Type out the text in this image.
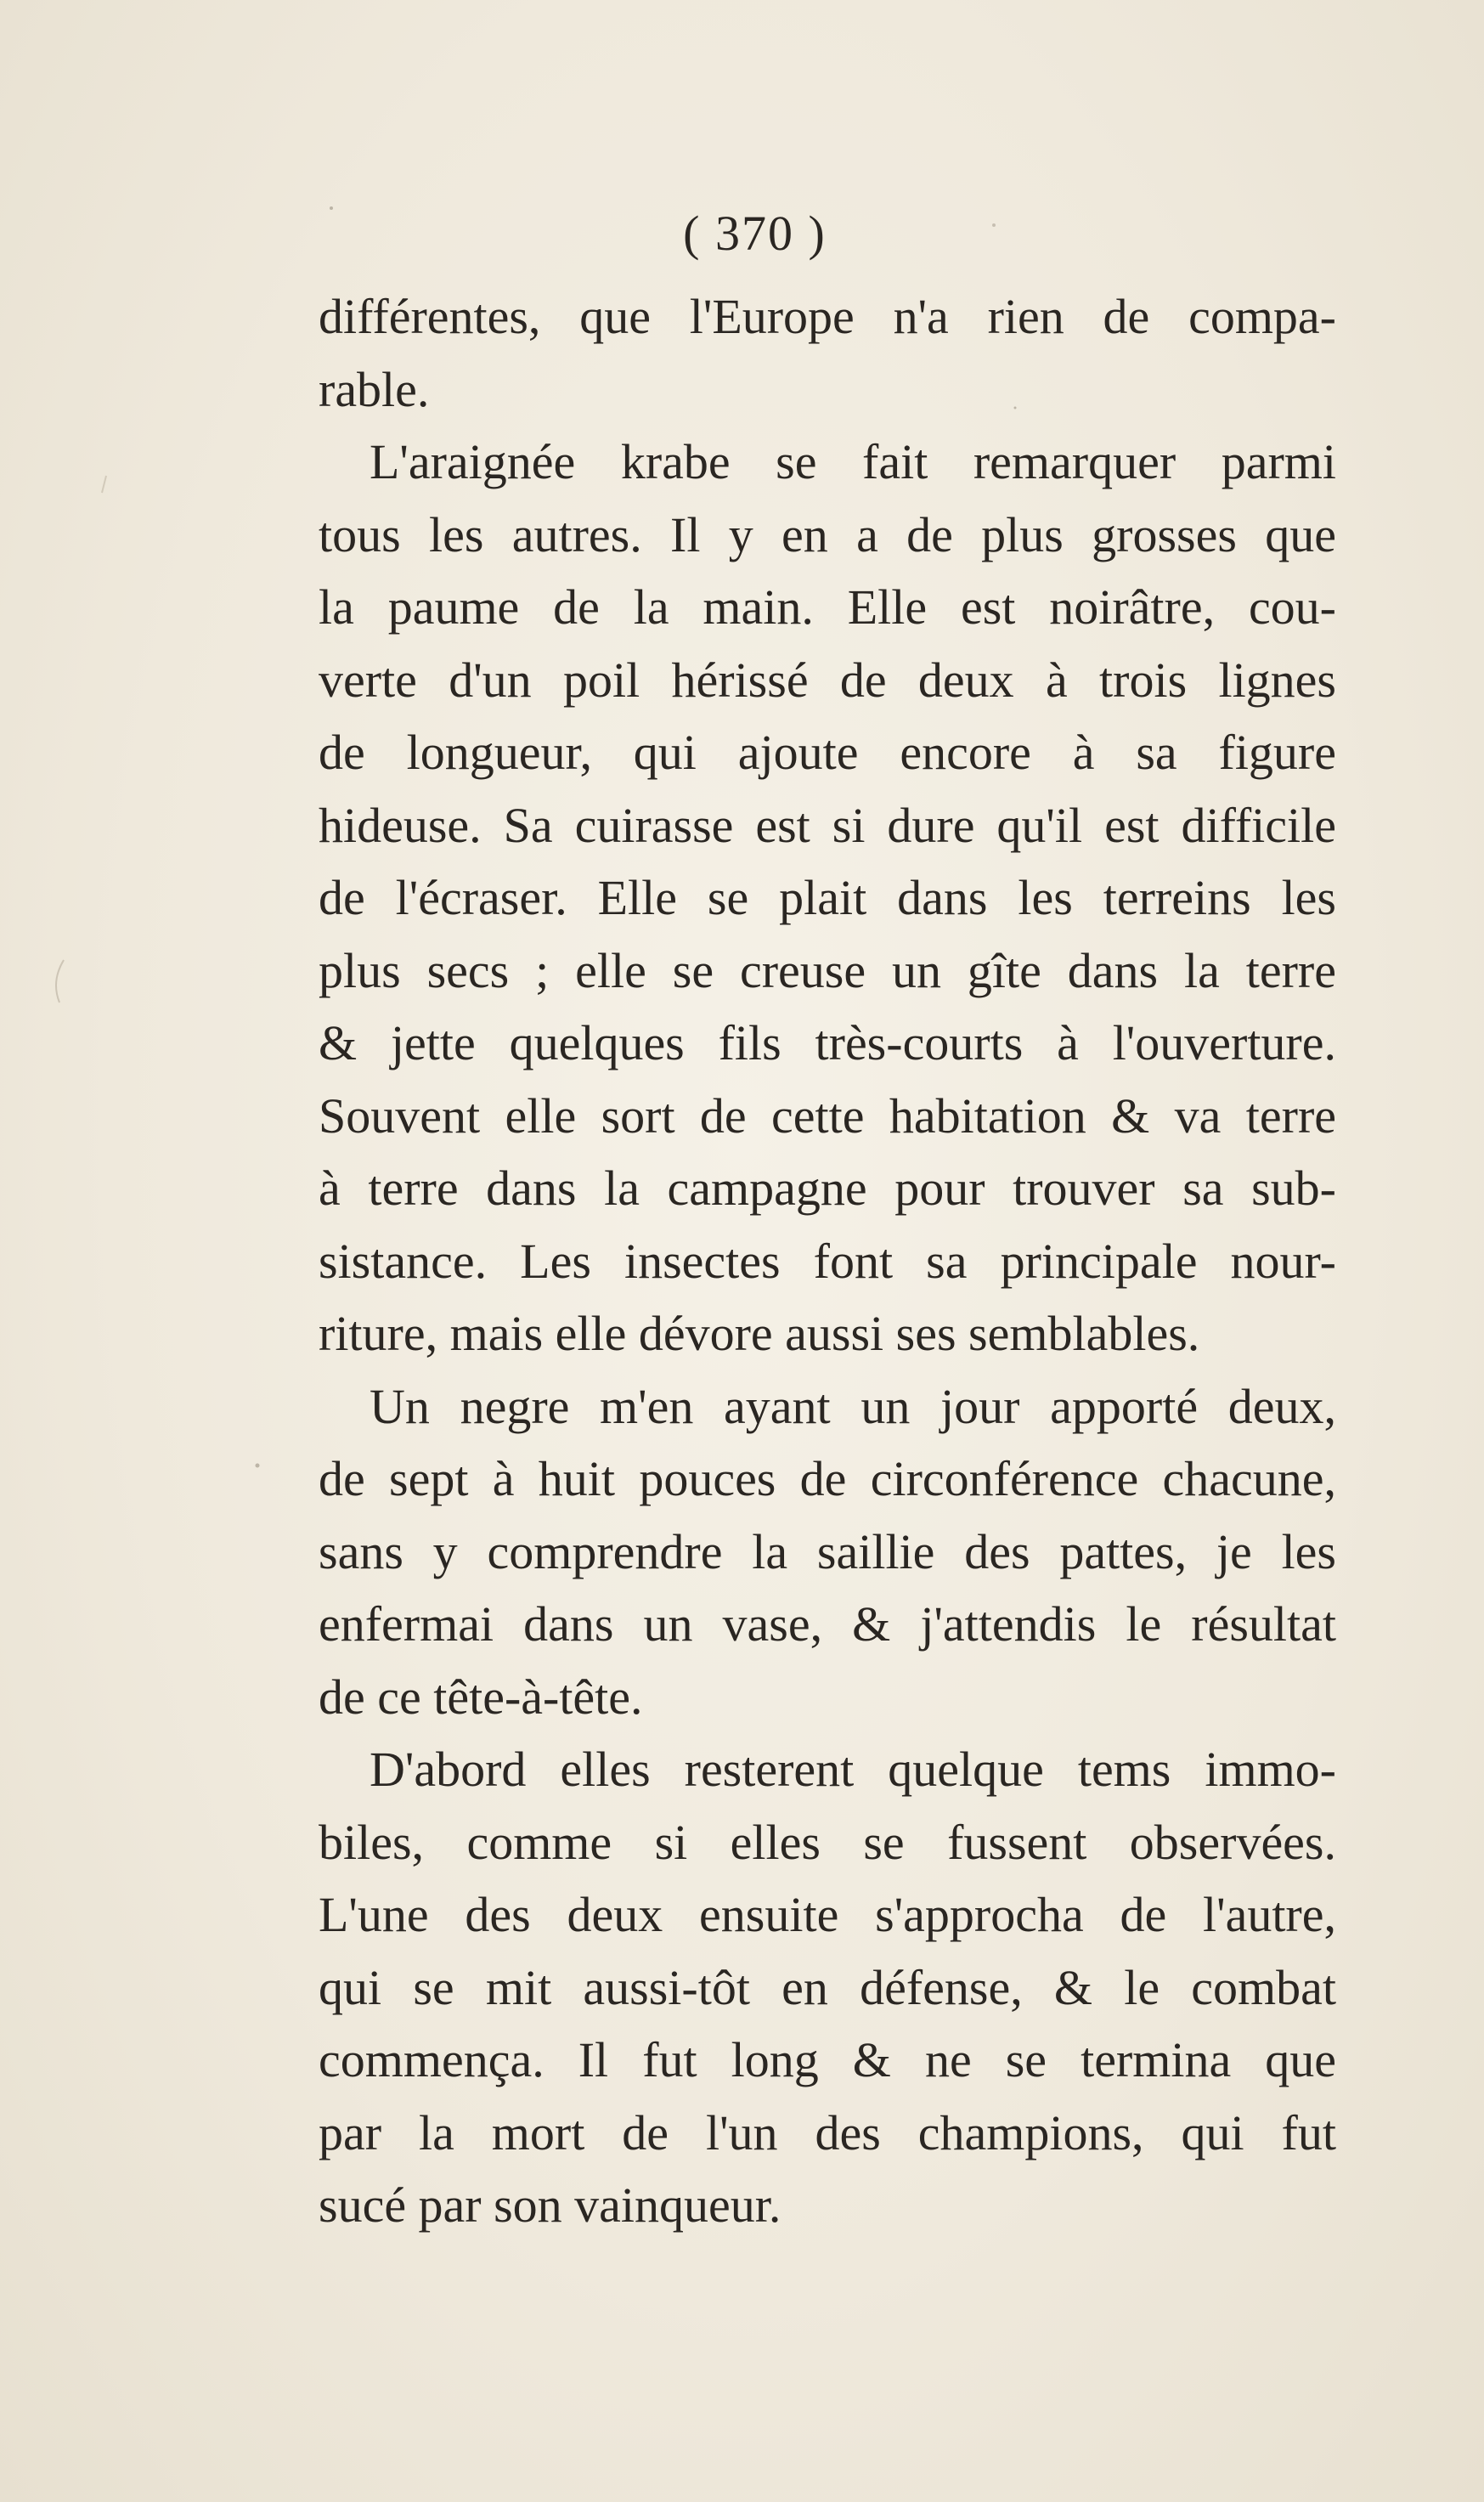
( 370 )
différentes, que l'Europe n'a rien de compa-
rable.
L'araignée krabe se fait remarquer parmi
tous les autres. Il y en a de plus grosses que
la paume de la main. Elle est noirâtre, cou-
verte d'un poil hérissé de deux à trois lignes
de longueur, qui ajoute encore à sa figure
hideuse. Sa cuirasse est si dure qu'il est difficile
de l'écraser. Elle se plait dans les terreins les
plus secs ; elle se creuse un gîte dans la terre
& jette quelques fils très-courts à l'ouverture.
Souvent elle sort de cette habitation & va terre
à terre dans la campagne pour trouver sa sub-
sistance. Les insectes font sa principale nour-
riture, mais elle dévore aussi ses semblables.
Un negre m'en ayant un jour apporté deux,
de sept à huit pouces de circonférence chacune,
sans y comprendre la saillie des pattes, je les
enfermai dans un vase, & j'attendis le résultat
de ce tête-à-tête.
D'abord elles resterent quelque tems immo-
biles, comme si elles se fussent observées.
L'une des deux ensuite s'approcha de l'autre,
qui se mit aussi-tôt en défense, & le combat
commença. Il fut long & ne se termina que
par la mort de l'un des champions, qui fut
sucé par son vainqueur.
